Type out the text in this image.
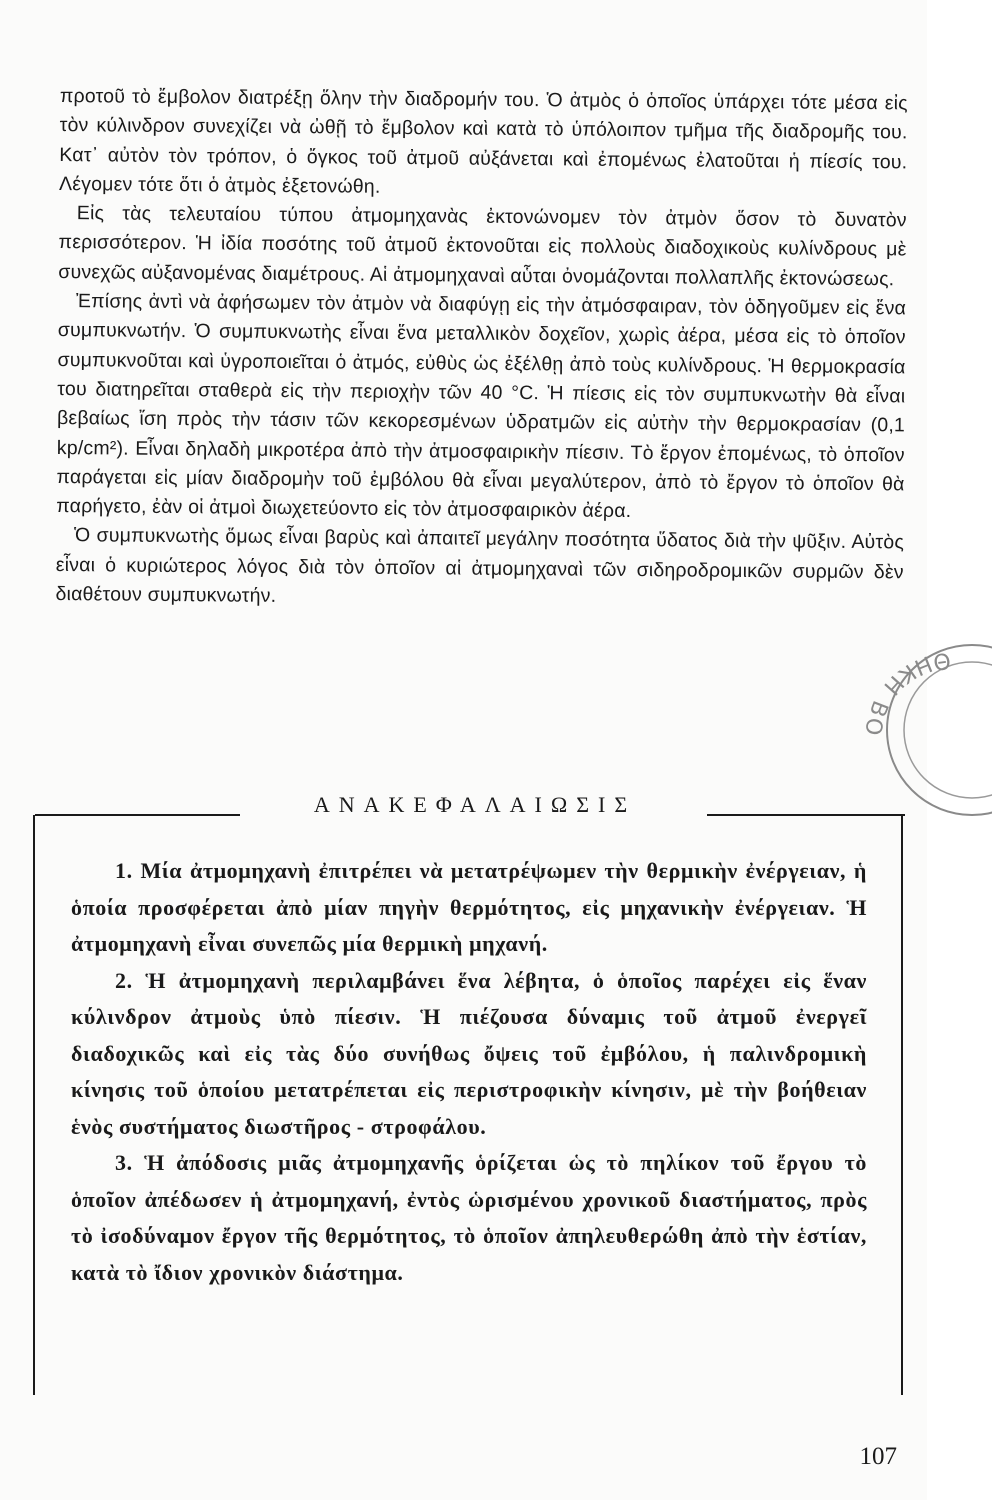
προτοῦ τὸ ἔμβολον διατρέξῃ ὅλην τὴν διαδρομήν του. Ὁ ἀτμὸς ὁ ὁποῖος ὑπάρχει τότε μέσα εἰς τὸν κύλινδρον συνεχίζει νὰ ὠθῇ τὸ ἔμβολον καὶ κατὰ τὸ ὑπόλοιπον τμῆμα τῆς διαδρομῆς του. Κατ᾿ αὐτὸν τὸν τρόπον, ὁ ὄγκος τοῦ ἀτμοῦ αὐξάνεται καὶ ἐπομένως ἐλατοῦται ἡ πίεσίς του. Λέγομεν τότε ὅτι ὁ ἀτμὸς ἐξετονώθη.

Εἰς τὰς τελευταίου τύπου ἀτμομηχανὰς ἐκτονώνομεν τὸν ἀτμὸν ὅσον τὸ δυνατὸν περισσότερον. Ἡ ἰδία ποσότης τοῦ ἀτμοῦ ἐκτονοῦται εἰς πολλοὺς διαδοχικοὺς κυλίνδρους μὲ συνεχῶς αὐξανομένας διαμέτρους. Αἱ ἀτμομηχαναὶ αὗται ὀνομάζονται πολλαπλῆς ἐκτονώσεως.

Ἐπίσης ἀντὶ νὰ ἀφήσωμεν τὸν ἀτμὸν νὰ διαφύγῃ εἰς τὴν ἀτμόσφαιραν, τὸν ὁδηγοῦμεν εἰς ἕνα συμπυκνωτήν. Ὁ συμπυκνωτὴς εἶναι ἕνα μεταλλικὸν δοχεῖον, χωρὶς ἀέρα, μέσα εἰς τὸ ὁποῖον συμπυκνοῦται καὶ ὑγροποιεῖται ὁ ἀτμός, εὐθὺς ὡς ἐξέλθῃ ἀπὸ τοὺς κυλίνδρους. Ἡ θερμοκρασία του διατηρεῖται σταθερὰ εἰς τὴν περιοχὴν τῶν 40 °C. Ἡ πίεσις εἰς τὸν συμπυκνωτὴν θὰ εἶναι βεβαίως ἴση πρὸς τὴν τάσιν τῶν κεκορεσμένων ὑδρατμῶν εἰς αὐτὴν τὴν θερμοκρασίαν (0,1 kp/cm²). Εἶναι δηλαδὴ μικροτέρα ἀπὸ τὴν ἀτμοσφαιρικὴν πίεσιν. Τὸ ἔργον ἐπομένως, τὸ ὁποῖον παράγεται εἰς μίαν διαδρομὴν τοῦ ἐμβόλου θὰ εἶναι μεγαλύτερον, ἀπὸ τὸ ἔργον τὸ ὁποῖον θὰ παρήγετο, ἐὰν οἱ ἀτμοὶ διωχετεύοντο εἰς τὸν ἀτμοσφαιρικὸν ἀέρα.

Ὁ συμπυκνωτὴς ὅμως εἶναι βαρὺς καὶ ἀπαιτεῖ μεγάλην ποσότητα ὕδατος διὰ τὴν ψῦξιν. Αὐτὸς εἶναι ὁ κυριώτερος λόγος διὰ τὸν ὁποῖον αἱ ἀτμομηχαναὶ τῶν σιδηροδρομικῶν συρμῶν δὲν διαθέτουν συμπυκνωτήν.

ΑΝΑΚΕΦΑΛΑΙΩΣΙΣ

1. Μία ἀτμομηχανὴ ἐπιτρέπει νὰ μετατρέψωμεν τὴν θερμικὴν ἐνέργειαν, ἡ ὁποία προσφέρεται ἀπὸ μίαν πηγὴν θερμότητος, εἰς μηχανικὴν ἐνέργειαν. Ἡ ἀτμομηχανὴ εἶναι συνεπῶς μία θερμικὴ μηχανή.

2. Ἡ ἀτμομηχανὴ περιλαμβάνει ἕνα λέβητα, ὁ ὁποῖος παρέχει εἰς ἕναν κύλινδρον ἀτμοὺς ὑπὸ πίεσιν. Ἡ πιέζουσα δύναμις τοῦ ἀτμοῦ ἐνεργεῖ διαδοχικῶς καὶ εἰς τὰς δύο συνήθως ὄψεις τοῦ ἐμβόλου, ἡ παλινδρομικὴ κίνησις τοῦ ὁποίου μετατρέπεται εἰς περιστροφικὴν κίνησιν, μὲ τὴν βοήθειαν ἑνὸς συστήματος διωστῆρος - στροφάλου.

3. Ἡ ἀπόδοσις μιᾶς ἀτμομηχανῆς ὁρίζεται ὡς τὸ πηλίκον τοῦ ἔργου τὸ ὁποῖον ἀπέδωσεν ἡ ἀτμομηχανή, ἐντὸς ὡρισμένου χρονικοῦ διαστήματος, πρὸς τὸ ἰσοδύναμον ἔργον τῆς θερμότητος, τὸ ὁποῖον ἀπηλευθερώθη ἀπὸ τὴν ἑστίαν, κατὰ τὸ ἴδιον χρονικὸν διάστημα.

107
ΘΗΚΗ ΒΟ
